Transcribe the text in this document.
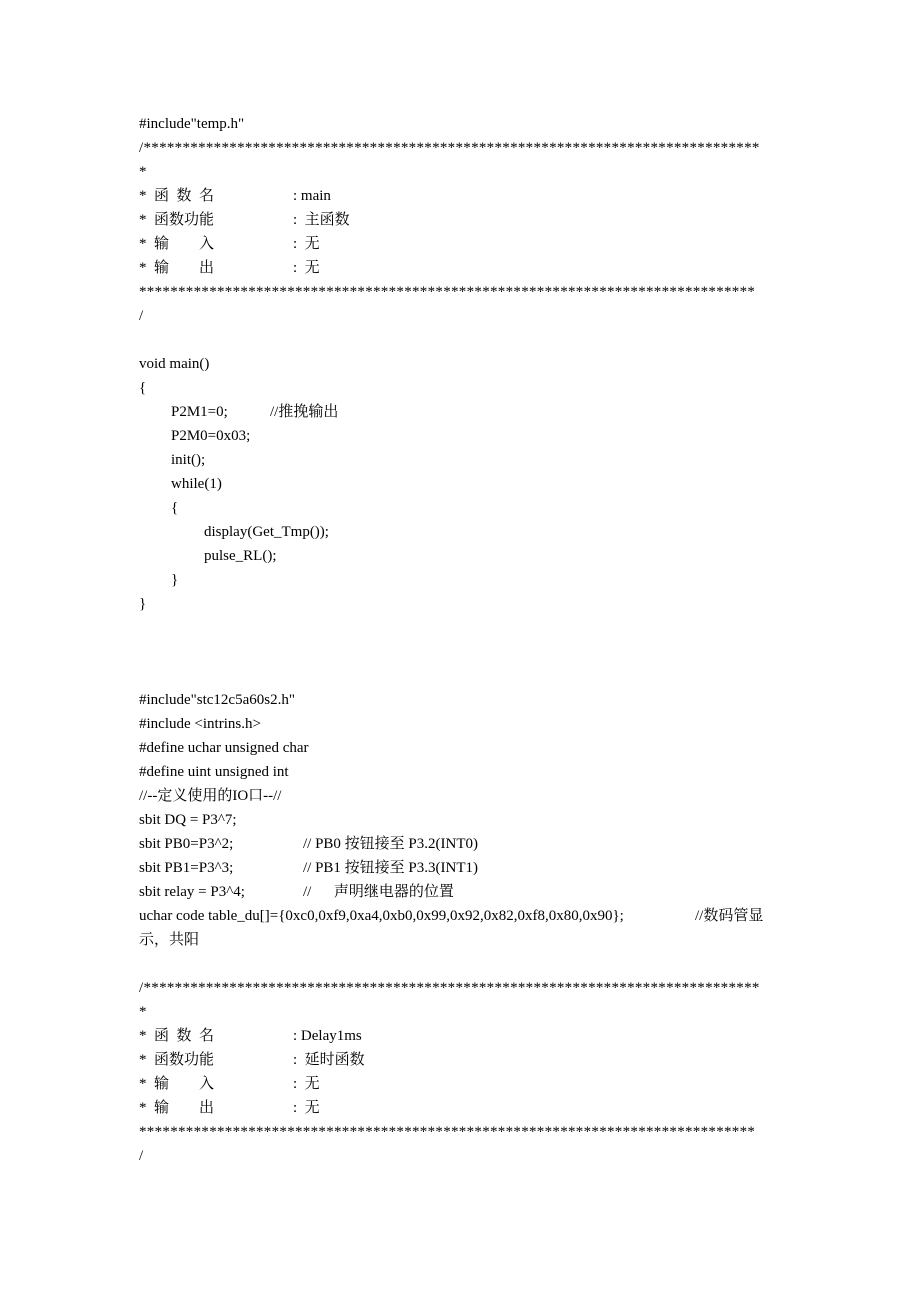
#include"temp.h"
/*******************************************************************************
*
*  函  数  名	: main
*  函数功能	:  主函数
*  输        入	:  无
*  输        出	:  无
*******************************************************************************
/
void main()
{
P2M1=0;	//推挽输出
P2M0=0x03;
init();
while(1)
{
display(Get_Tmp());
pulse_RL();
}
}
#include"stc12c5a60s2.h"
#include <intrins.h>
#define uchar unsigned char
#define uint unsigned int
//--定义使用的IO口--//
sbit DQ = P3^7;
sbit PB0=P3^2;	// PB0 按钮接至 P3.2(INT0)
sbit PB1=P3^3;	// PB1 按钮接至 P3.3(INT1)
sbit relay = P3^4;	//      声明继电器的位置
uchar code table_du[]={0xc0,0xf9,0xa4,0xb0,0x99,0x92,0x82,0xf8,0x80,0x90};	//数码管显
示，共阳
/*******************************************************************************
*
*  函  数  名	: Delay1ms
*  函数功能	:  延时函数
*  输        入	:  无
*  输        出	:  无
*******************************************************************************
/
